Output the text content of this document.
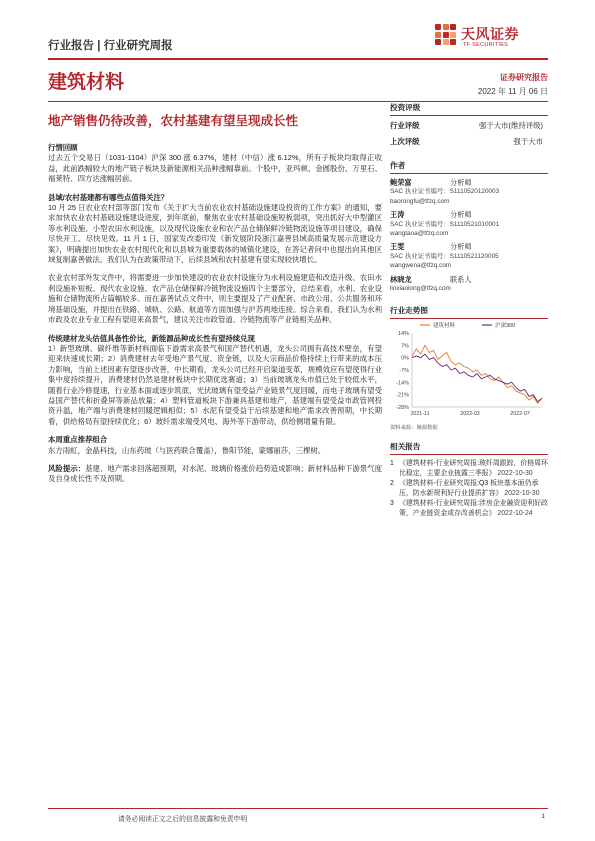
行业报告 | 行业研究周报
天风证券
TF SECURITIES
建筑材料	证券研究报告
2022 年 11 月 06 日
地产销售仍待改善，农村基建有望呈现成长性
行情回顾

过去五个交易日（1031-1104）沪深 300 涨 6.37%，建材（中信）涨 6.12%，所有子板块均取得正收益，此前跌幅较大的地产链子板块及新能源相关品种涨幅靠前。个股中，亚玛顿、金圆股份、万里石、福莱特、四方达涨幅居前。

县域/农村基建都有哪些点值得关注？

10 月 25 日农业农村部等部门发布《关于扩大当前农业农村基础设施建设投资的工作方案》的通知，要求加快农业农村基础设施建设进度，到年底前，聚焦农业农村基础设施短板弱项，突出抓好大中型灌区等水利设施、小型农田水利设施，以及现代设施农业和农产品仓储保鲜冷链物流设施等项目建设，确保尽快开工、尽快见效。11 月 1 日，国家发改委印发《新发展阶段浙江嘉善县域高质量发展示范建设方案》，明确提出加快农业农村现代化和以县城为重要载体的城镇化建设，在答记者问中也提出向其他区域复制嘉善做法。我们认为在政策带动下，后续县域和农村基建有望实现较快增长。

农业农村部外发文件中，将需要进一步加快建设的农业农村设施分为水利设施建造和改造升级、农田水利设施补短板、现代农业设施、农产品仓储保鲜冷链物流设施四个主要部分，总结来看，水利、农业设施和仓储物流所占篇幅较多。而在嘉善试点文件中，则主要提及了产业配套、市政公用、公共服务和环境基础设施，并提出在铁路、城轨、公路、航道等方面加强与沪苏两地连接。综合来看，我们认为水利市政及农业专业工程有望迎来高景气，建议关注市政管道、冷链物流等产业链相关品种。

传统建材龙头估值具备性价比，新能源品种成长性有望持续兑现

1）新型玻璃、碳纤维等新材料面临下游需求高景气和国产替代机遇，龙头公司拥有高技术壁垒，有望迎来快速成长期；2）消费建材去年受地产景气度、资金链，以及大宗商品价格持续上行带来的成本压力影响，当前上述因素有望逐步改善，中长期看，龙头公司已经开启渠道变革，规模效应有望使得行业集中度持续提升，消费建材仍然是建材板块中长期优选赛道；3）当前玻璃龙头市值已处于较低水平，随着行业冷修提速，行业基本面或逐步筑底，光伏玻璃有望受益产业链景气度回暖，而电子玻璃有望受益国产替代和折叠屏等新品放量；4）塑料管道板块下游兼具基建和地产，基建端有望受益市政管网投资升温，地产端与消费建材回暖逻辑相似；5）水泥有望受益于后续基建和地产需求改善预期，中长期看，供给格局有望持续优化；6）玻纤需求端受风电、海外等下游带动，供给侧增量有限。

本周重点推荐组合

东方雨虹，金晶科技，山东药玻（与医药联合覆盖），鲁阳节能，蒙娜丽莎，三棵树。

风险提示：基建、地产需求回落超预期，对水泥、玻璃价格涨价趋势造成影响；新材料品种下游景气度及自身成长性不及预期。

投资评级
行业评级	强于大市(维持评级)
上次评级	强于大市
作者
鲍荣富	分析师
SAC 执业证书编号：S1110520120003
baorongfu@tfzq.com
王涛	分析师
SAC 执业证书编号：S1110521010001
wangtaoa@tfzq.com
王雯	分析师
SAC 执业证书编号：S1110521120005
wangwena@tfzq.com
林晓龙	联系人
linxiaolong@tfzq.com
行业走势图
14%
7%
0%
-7%
-14%
-21%
-28%
2021-11	2022-03	2022-07
建筑材料	沪深300
资料来源：聚源数据
相关报告
1 《建筑材料-行业研究周报:玻纤周跟踪，价格周环比稳定，主要企业披露三季报》 2022-10-30
2 《建筑材料-行业研究周报:Q3 板块基本面仍承压，防水新规利好行业提质扩容》 2022-10-30
3 《建筑材料-行业研究周报:涉房企业融资迎利好政策，产业链资金或存改善机会》 2022-10-24
请务必阅读正文之后的信息披露和免责申明	1
